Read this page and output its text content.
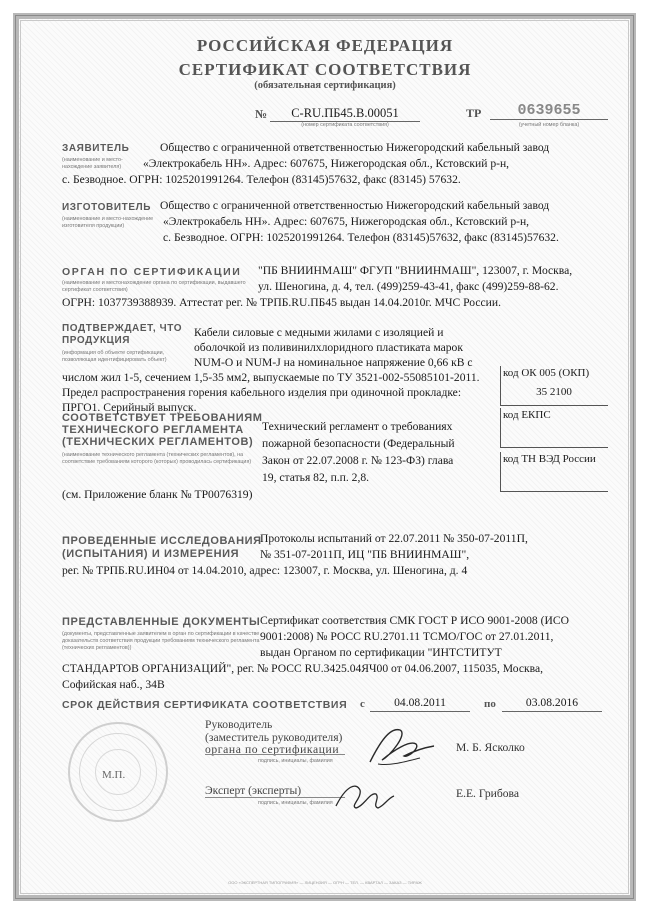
РОССИЙСКАЯ ФЕДЕРАЦИЯ
СЕРТИФИКАТ СООТВЕТСТВИЯ
(обязательная сертификация)
№	C-RU.ПБ45.В.00051
(номер сертификата соответствия)
ТР	0639655
(учетный номер бланка)
ЗАЯВИТЕЛЬ
(наименование и место-нахождение заявителя)
Общество с ограниченной ответственностью Нижегородский кабельный завод
«Электрокабель НН». Адрес: 607675, Нижегородская обл., Кстовский р-н,
с. Безводное. ОГРН: 1025201991264. Телефон (83145)57632, факс (83145) 57632.
ИЗГОТОВИТЕЛЬ
(наименование и место-нахождение изготовителя продукции)
Общество с ограниченной ответственностью Нижегородский кабельный завод
«Электрокабель НН». Адрес: 607675, Нижегородская обл., Кстовский р-н,
с. Безводное. ОГРН: 1025201991264. Телефон (83145)57632, факс (83145)57632.
ОРГАН ПО СЕРТИФИКАЦИИ
(наименование и местонахождение органа по сертификации, выдавшего сертификат соответствия)
"ПБ ВНИИНМАШ" ФГУП "ВНИИНМАШ", 123007, г. Москва,
ул. Шеногина, д. 4, тел. (499)259-43-41, факс (499)259-88-62.
ОГРН: 1037739388939. Аттестат рег. № ТРПБ.RU.ПБ45 выдан 14.04.2010г. МЧС России.
ПОДТВЕРЖДАЕТ, ЧТО
ПРОДУКЦИЯ
(информация об объекте сертификации, позволяющая идентифицировать объект)
Кабели силовые с медными жилами с изоляцией и
оболочкой из поливинилхлоридного пластиката марок
NUM-O и NUM-J на номинальное напряжение 0,66 кВ с
числом жил 1-5, сечением 1,5-35 мм2, выпускаемые по ТУ 3521-002-55085101-2011.
Предел распространения горения кабельного изделия при одиночной прокладке:
ПРГО1. Серийный выпуск.
код ОК 005 (ОКП)
35 2100
СООТВЕТСТВУЕТ ТРЕБОВАНИЯМ
ТЕХНИЧЕСКОГО РЕГЛАМЕНТА
(ТЕХНИЧЕСКИХ РЕГЛАМЕНТОВ)
(наименование технического регламента (технических регламентов), на соответствие требованиям которого (которых) проводилась сертификация)
Технический регламент о требованиях
пожарной безопасности (Федеральный
Закон от 22.07.2008 г. № 123-ФЗ) глава
19, статья 82, п.п. 2,8.
(см. Приложение бланк № ТР0076319)
код ЕКПС
код ТН ВЭД России
ПРОВЕДЕННЫЕ ИССЛЕДОВАНИЯ
(ИСПЫТАНИЯ) И ИЗМЕРЕНИЯ
Протоколы испытаний от 22.07.2011 № 350-07-2011П,
№ 351-07-2011П, ИЦ "ПБ ВНИИНМАШ",
рег. № ТРПБ.RU.ИН04 от 14.04.2010, адрес: 123007, г. Москва, ул. Шеногина, д. 4
ПРЕДСТАВЛЕННЫЕ ДОКУМЕНТЫ
(документы, представленные заявителем в орган по сертификации в качестве доказательств соответствия продукции требованиям технического регламента (технических регламентов))
Сертификат соответствия СМК ГОСТ Р ИСО 9001-2008 (ИСО
9001:2008) № РОСС RU.2701.11 ТСМО/ГОС от 27.01.2011,
выдан Органом по сертификации "ИНТСТИТУТ
СТАНДАРТОВ ОРГАНИЗАЦИЙ", рег. № РОСС RU.3425.04ЯЧ00 от 04.06.2007, 115035, Москва,
Софийская наб., 34В
СРОК ДЕЙСТВИЯ СЕРТИФИКАТА СООТВЕТСТВИЯ с	04.08.2011	по	03.08.2016
М.П.
Руководитель
(заместитель руководителя)
органа по сертификации
подпись, инициалы, фамилия
М. Б. Ясколко
Эксперт (эксперты)
подпись, инициалы, фамилия
Е.Е. Грибова
ООО «ЭКСПЕРТНАЯ ТИПОГРАФИЯ» — ЛИЦЕНЗИЯ — ОГРН — ТЕЛ. — КВАРТАЛ — ЗАКАЗ — ТИРАЖ
